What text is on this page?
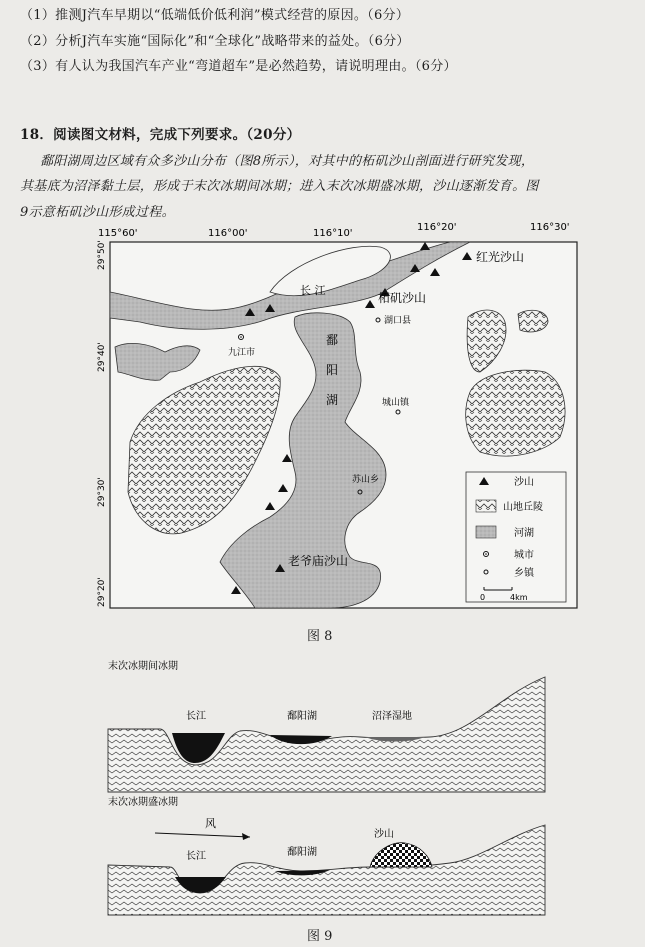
（1）推测J汽车早期以“低端低价低利润”模式经营的原因。（6分）
（2）分析J汽车实施“国际化”和“全球化”战略带来的益处。（6分）
（3）有人认为我国汽车产业“弯道超车”是必然趋势，请说明理由。（6分）
18．阅读图文材料，完成下列要求。（20分）
鄱阳湖周边区域有众多沙山分布（图8所示），对其中的柘矶沙山剖面进行研究发现，
其基底为沼泽黏土层，形成于末次冰期间冰期；进入末次冰期盛冰期，沙山逐渐发育。图
9示意柘矶沙山形成过程。
115°60'	116°00'	116°10'
116°20'	116°30'
29°50'
29°40'
29°30'
29°20'
红光沙山
柘矶沙山
湖口县
九江市
长 江
鄱
阳
湖	城山镇
苏山乡
老爷庙沙山
沙山
山地丘陵
河湖
城市
乡镇
0	4km
图 8
末次冰期间冰期
长江	鄱阳湖	沼泽湿地
末次冰期盛冰期
风
长江	鄱阳湖
沙山
图 9
